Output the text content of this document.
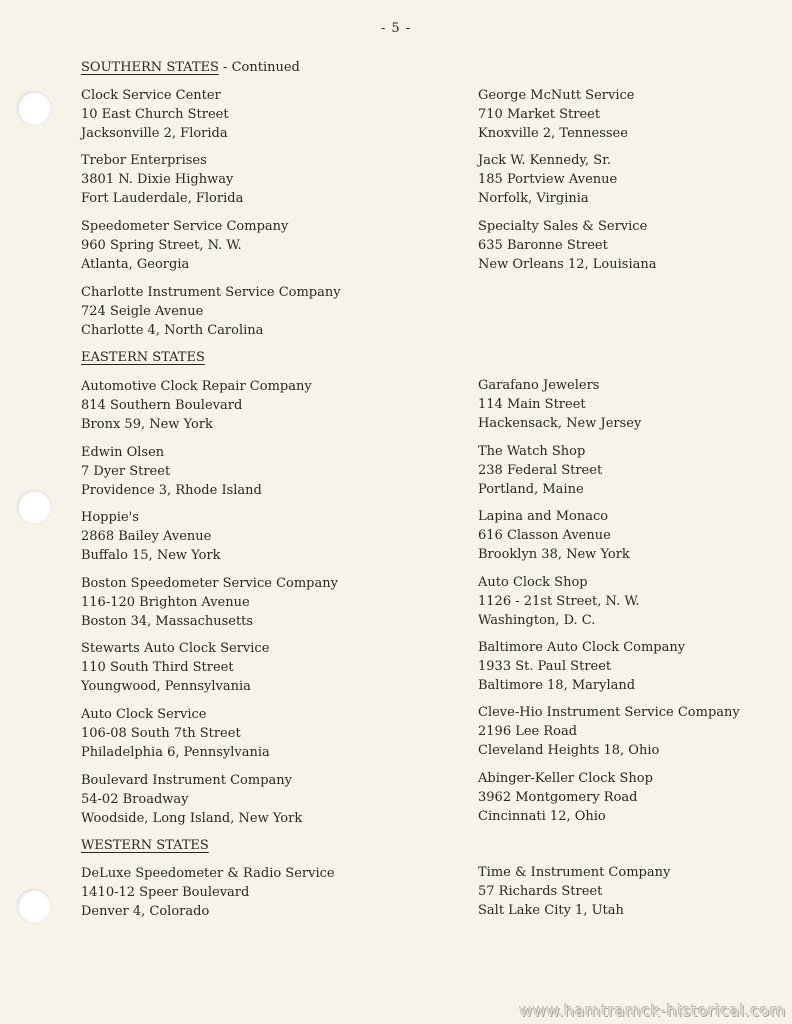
- 5 -
SOUTHERN STATES - Continued
Clock Service Center
10 East Church Street
Jacksonville 2, Florida
Trebor Enterprises
3801 N. Dixie Highway
Fort Lauderdale, Florida
Speedometer Service Company
960 Spring Street, N. W.
Atlanta, Georgia
Charlotte Instrument Service Company
724 Seigle Avenue
Charlotte 4, North Carolina
George McNutt Service
710 Market Street
Knoxville 2, Tennessee
Jack W. Kennedy, Sr.
185 Portview Avenue
Norfolk, Virginia
Specialty Sales & Service
635 Baronne Street
New Orleans 12, Louisiana
EASTERN STATES
Automotive Clock Repair Company
814 Southern Boulevard
Bronx 59, New York
Edwin Olsen
7 Dyer Street
Providence 3, Rhode Island
Hoppie's
2868 Bailey Avenue
Buffalo 15, New York
Boston Speedometer Service Company
116-120 Brighton Avenue
Boston 34, Massachusetts
Stewarts Auto Clock Service
110 South Third Street
Youngwood, Pennsylvania
Auto Clock Service
106-08 South 7th Street
Philadelphia 6, Pennsylvania
Boulevard Instrument Company
54-02 Broadway
Woodside, Long Island, New York
Garafano Jewelers
114 Main Street
Hackensack, New Jersey
The Watch Shop
238 Federal Street
Portland, Maine
Lapina and Monaco
616 Classon Avenue
Brooklyn 38, New York
Auto Clock Shop
1126 - 21st Street, N. W.
Washington, D. C.
Baltimore Auto Clock Company
1933 St. Paul Street
Baltimore 18, Maryland
Cleve-Hio Instrument Service Company
2196 Lee Road
Cleveland Heights 18, Ohio
Abinger-Keller Clock Shop
3962 Montgomery Road
Cincinnati 12, Ohio
WESTERN STATES
DeLuxe Speedometer & Radio Service
1410-12 Speer Boulevard
Denver 4, Colorado
Time & Instrument Company
57 Richards Street
Salt Lake City 1, Utah
www.hamtramck-historical.com
